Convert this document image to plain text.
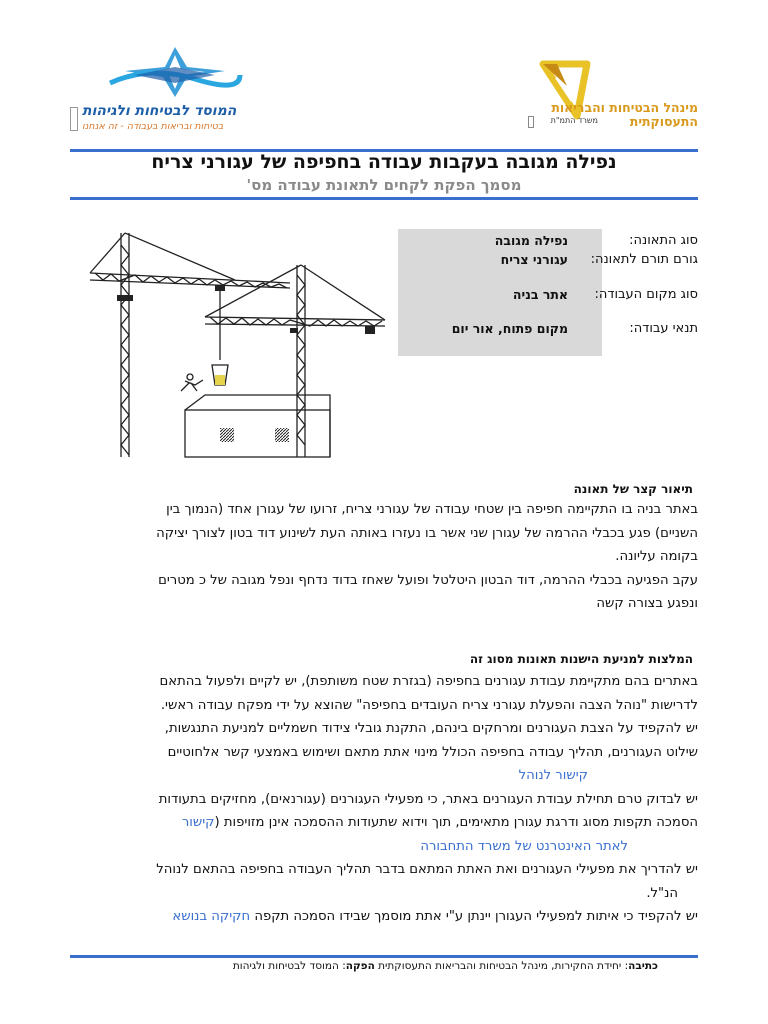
מינהל הבטיחות והבריאות
התעסוקתית
משרד התמ"ת
המוסד לבטיחות ולגיהות
בטיחות ובריאות בעבודה - זה אנחנו
נפילה מגובה בעקבות עבודה בחפיפה של עגורני צריח
מסמך הפקת לקחים לתאונת עבודה מס'
סוג התאונה:
נפילה מגובה
גורם תורם לתאונה:
עגורני צריח
סוג מקום העבודה:
אתר בניה
תנאי עבודה:
מקום פתוח, אור יום
תיאור קצר של תאונה
באתר בניה בו התקיימה חפיפה בין שטחי עבודה של עגורני צריח, זרועו של עגורן אחד (הנמוך בין
השניים) פגע בכבלי ההרמה של עגורן שני אשר בו נעזרו באותה העת לשינוע דוד בטון לצורך יציקה
בקומה עליונה.
עקב הפגיעה בכבלי ההרמה, דוד הבטון היטלטל ופועל שאחז בדוד נדחף ונפל מגובה של כ מטרים
ונפגע בצורה קשה
המלצות למניעת הישנות תאונות מסוג זה
באתרים בהם מתקיימת עבודת עגורנים בחפיפה (בגזרת שטח משותפת), יש לקיים ולפעול בהתאם
לדרישות "נוהל הצבה והפעלת עגורני צריח העובדים בחפיפה" שהוצא על ידי מפקח עבודה ראשי.
יש להקפיד על הצבת העגורנים ומרחקים בינהם, התקנת גובלי צידוד חשמליים למניעת התנגשות,
שילוט העגורנים, תהליך עבודה בחפיפה הכולל מינוי אתת מתאם ושימוש באמצעי קשר אלחוטיים
קישור לנוהל
יש לבדוק טרם תחילת עבודת העגורנים באתר, כי מפעילי העגורנים (עגורנאים), מחזיקים בתעודות
הסמכה תקפות מסוג ודרגת עגורן מתאימים, תוך וידוא שתעודות ההסמכה אינן מזויפות (קישור
לאתר האינטרנט של משרד התחבורה
יש להדריך את מפעילי העגורנים ואת האתת המתאם בדבר תהליך העבודה בחפיפה בהתאם לנוהל
הנ"ל.
יש להקפיד כי איתות למפעילי העגורן יינתן ע"י אתת מוסמך שבידו הסמכה תקפה חקיקה בנושא
כתיבה: יחידת החקירות, מינהל הבטיחות והבריאות התעסוקתית הפקה: המוסד לבטיחות ולגיהות
